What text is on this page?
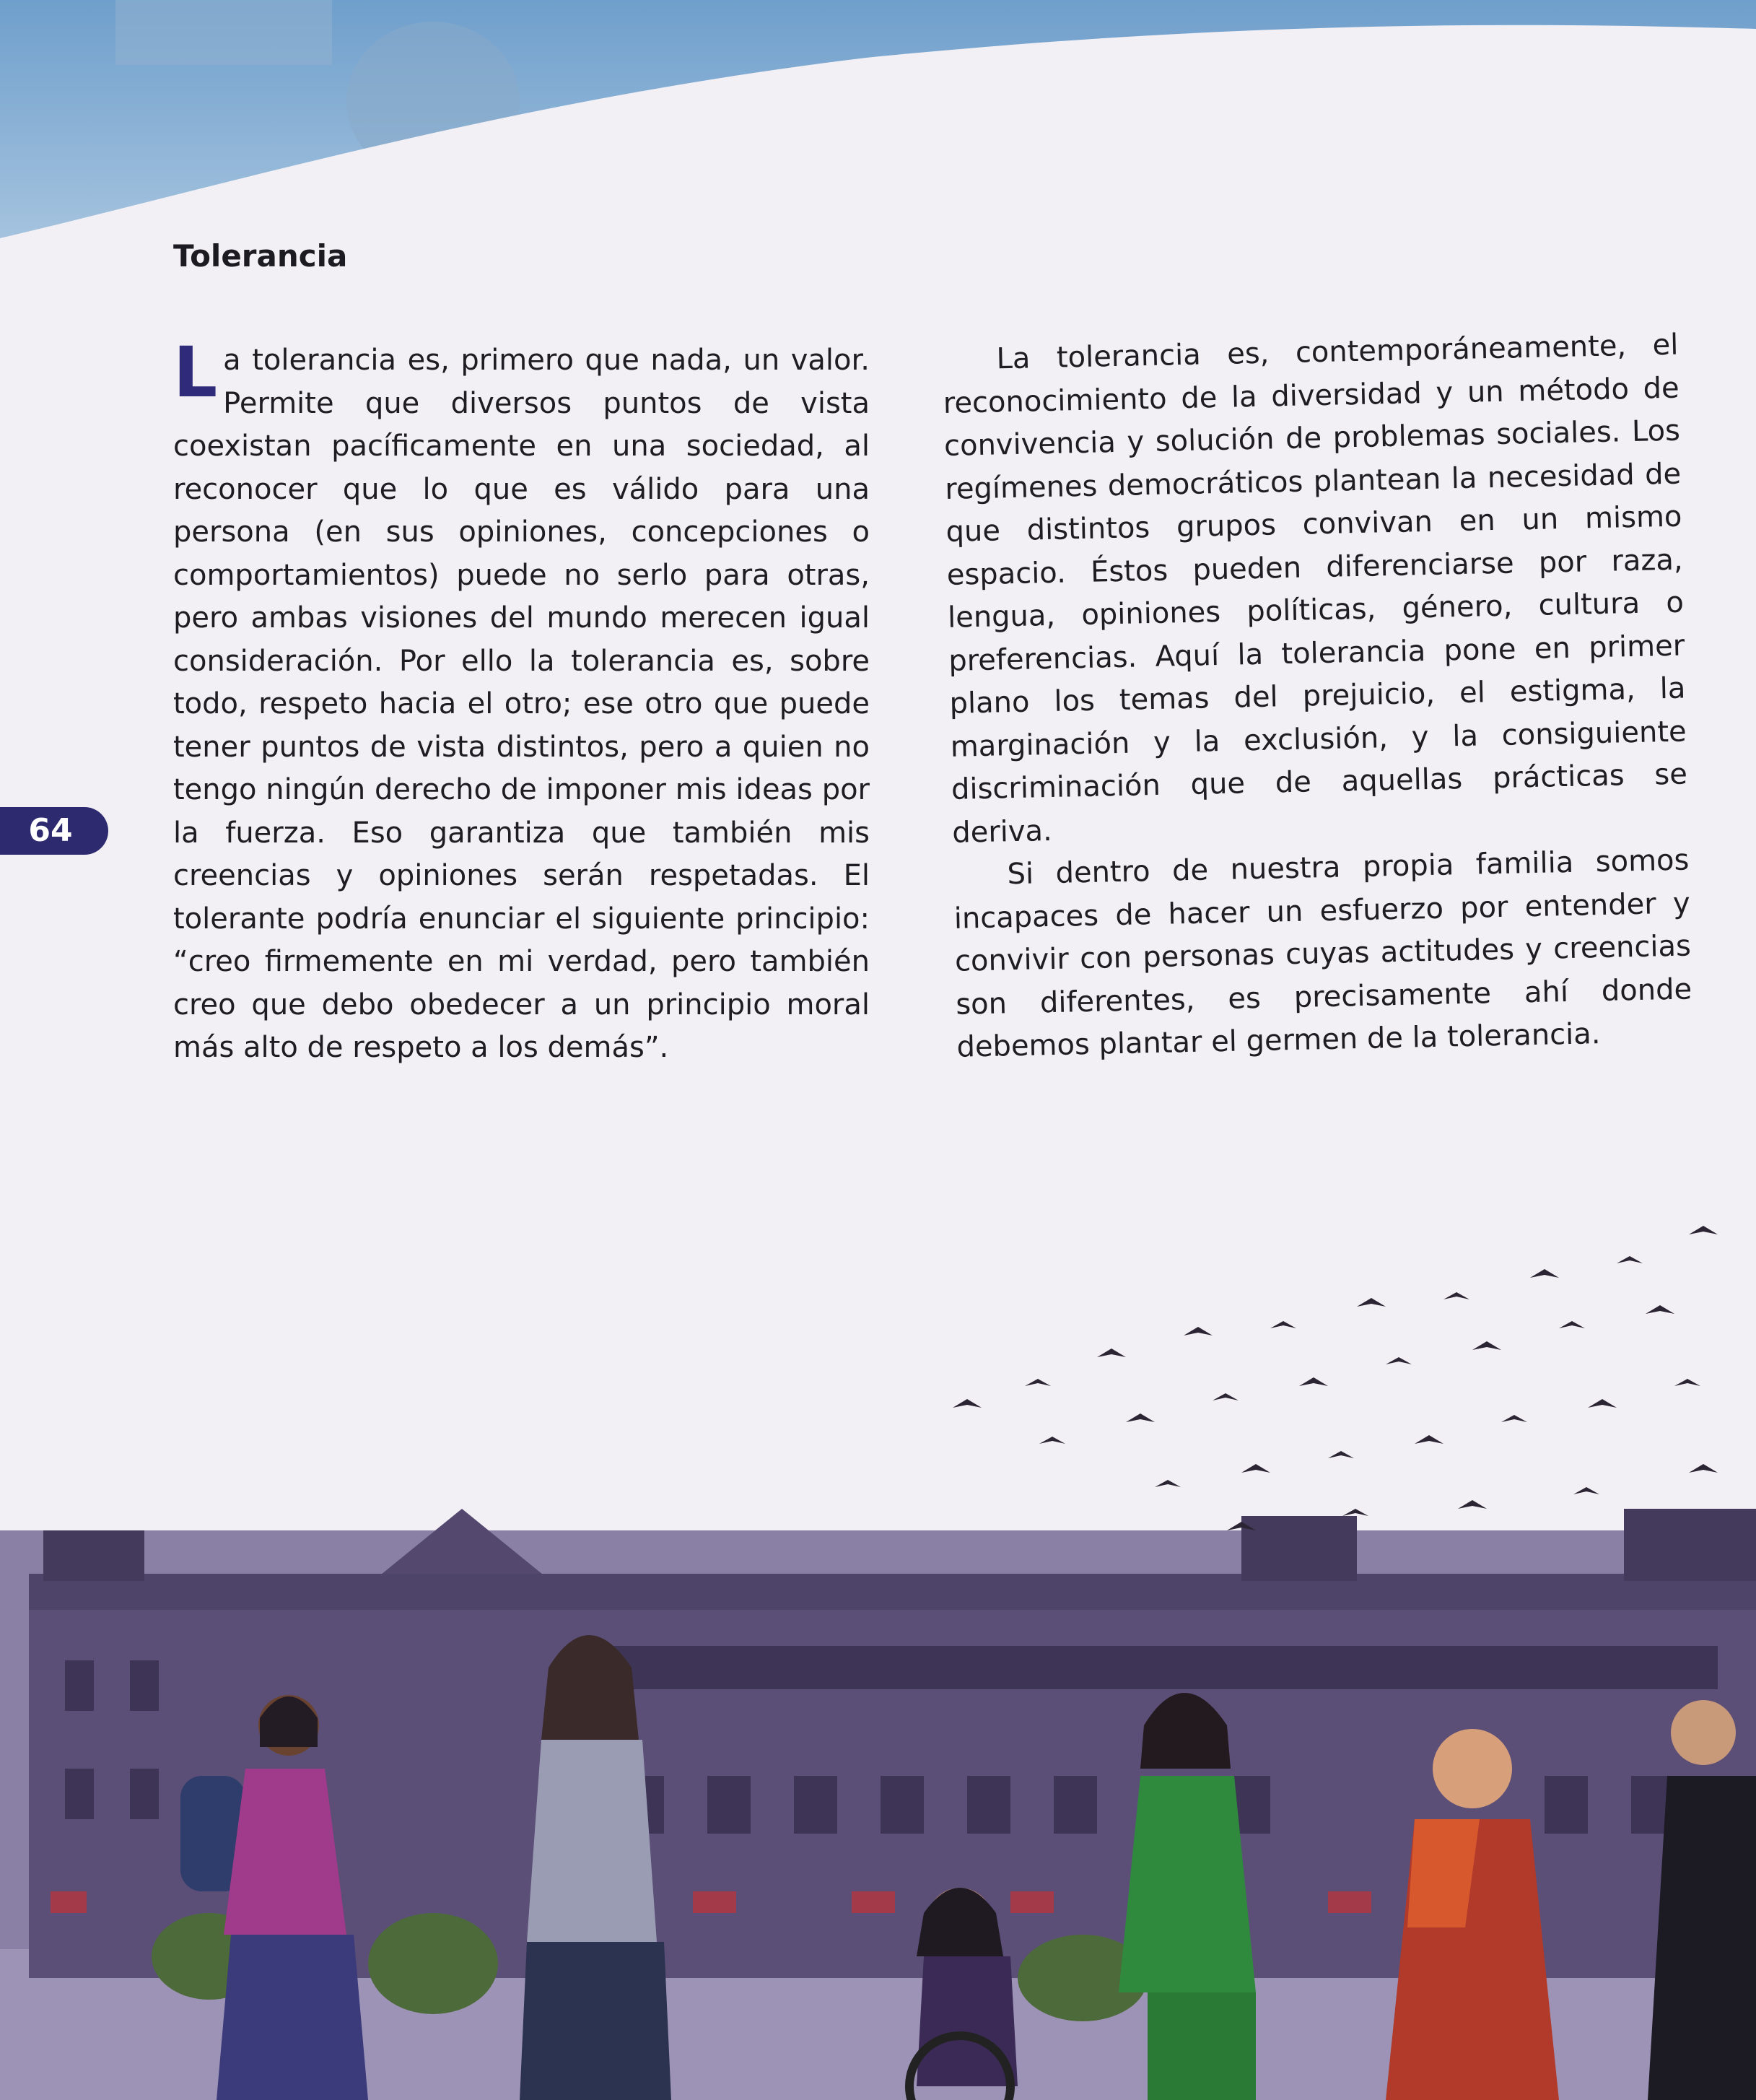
Tolerancia

La tolerancia es, primero que nada, un valor. Permite que diversos puntos de vista coexistan pacíficamente en una sociedad, al reconocer que lo que es válido para una persona (en sus opiniones, concepciones o comportamientos) puede no serlo para otras, pero ambas visiones del mundo merecen igual consideración. Por ello la tolerancia es, sobre todo, respeto hacia el otro; ese otro que puede tener puntos de vista distintos, pero a quien no tengo ningún derecho de imponer mis ideas por la fuerza. Eso garantiza que también mis creencias y opiniones serán respetadas. El tolerante podría enunciar el siguiente principio: “creo firmemente en mi verdad, pero también creo que debo obedecer a un principio moral más alto de respeto a los demás”.

La tolerancia es, contemporáneamente, el reconocimiento de la diversidad y un método de convivencia y solución de problemas sociales. Los regímenes democráticos plantean la necesidad de que distintos grupos convivan en un mismo espacio. Éstos pueden diferenciarse por raza, lengua, opiniones políticas, género, cultura o preferencias. Aquí la tolerancia pone en primer plano los temas del prejuicio, el estigma, la marginación y la exclusión, y la consiguiente discriminación que de aquellas prácticas se deriva.

Si dentro de nuestra propia familia somos incapaces de hacer un esfuerzo por entender y convivir con personas cuyas actitudes y creencias son diferentes, es precisamente ahí donde debemos plantar el germen de la tolerancia.

64
